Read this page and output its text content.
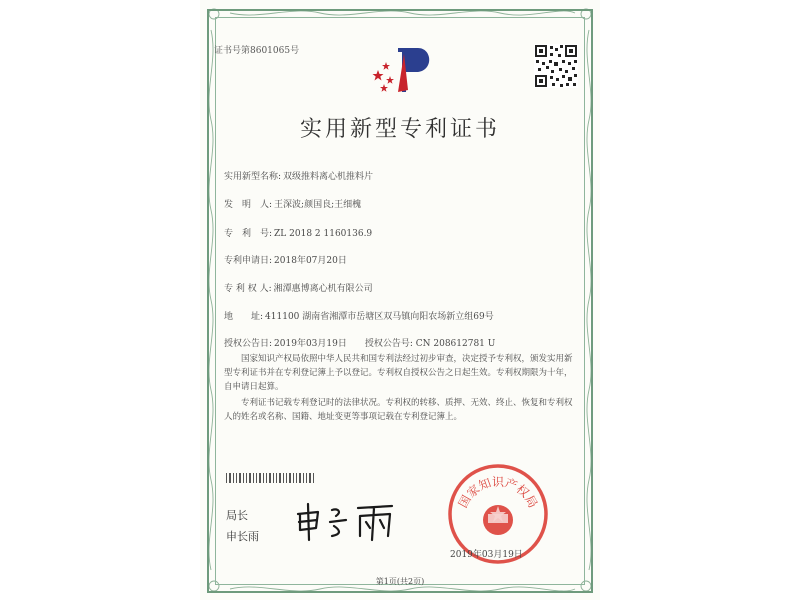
证书号第8601065号
实用新型专利证书
实用新型名称: 双级推料离心机推料片
发　明　人: 王深波;颜国良;王细槐
专　利　号: ZL 2018 2 1160136.9
专利申请日: 2018年07月20日
专 利 权 人: 湘潭惠博离心机有限公司
地　　址: 411100 湖南省湘潭市岳塘区双马镇向阳农场新立组69号
授权公告日: 2019年03月19日　　授权公告号: CN 208612781 U

国家知识产权局依照中华人民共和国专利法经过初步审查，决定授予专利权，颁发实用新型专利证书并在专利登记簿上予以登记。专利权自授权公告之日起生效。专利权期限为十年，自申请日起算。

专利证书记载专利登记时的法律状况。专利权的转移、质押、无效、终止、恢复和专利权人的姓名或名称、国籍、地址变更等事项记载在专利登记簿上。

局长
申长雨
国家知识产权局
2019年03月19日
第1页(共2页)
